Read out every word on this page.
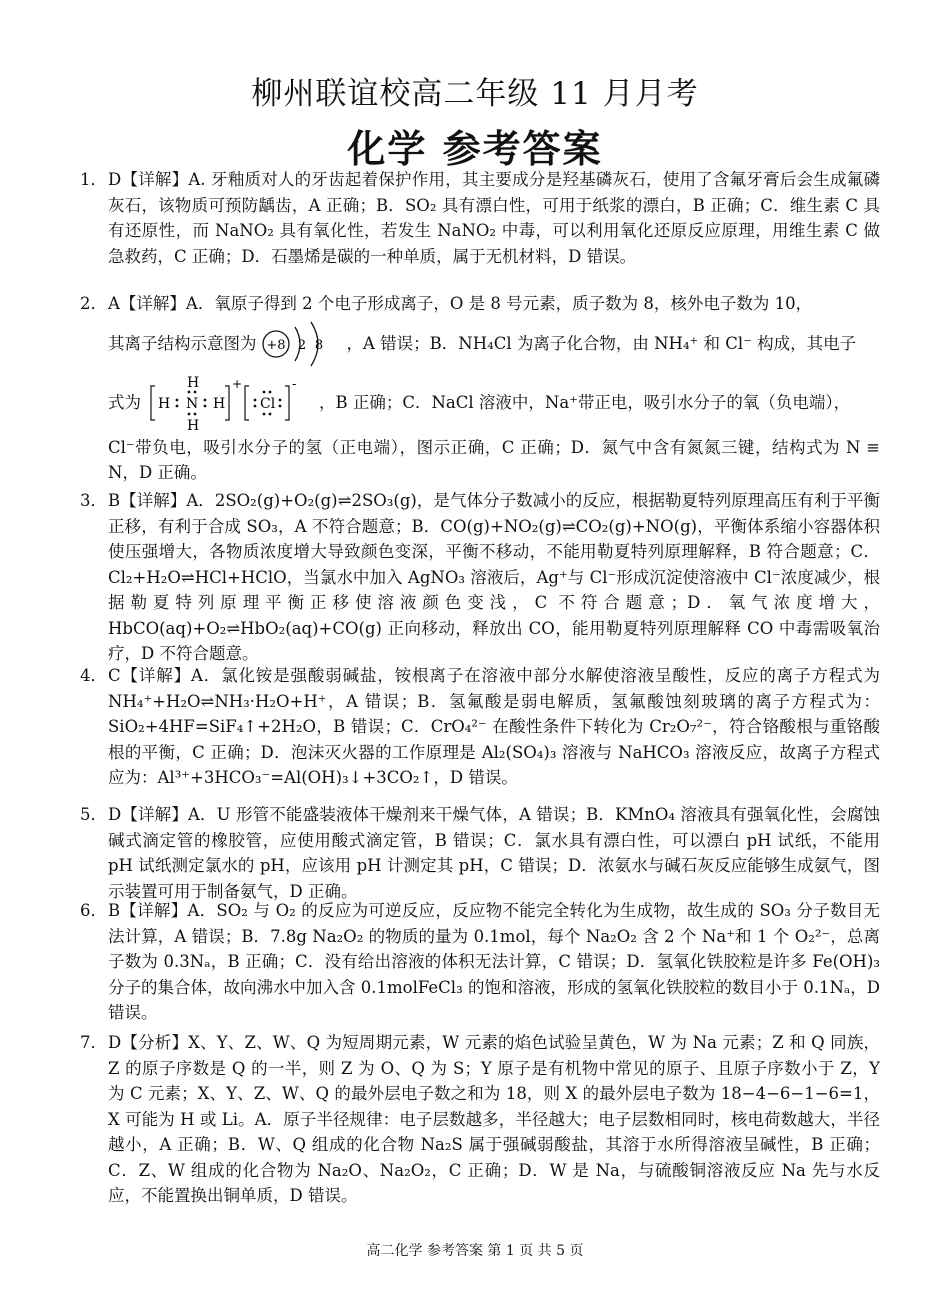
柳州联谊校高二年级 11 月月考
化学 参考答案
1． D【详解】A. 牙釉质对人的牙齿起着保护作用，其主要成分是羟基磷灰石，使用了含氟牙膏后会生成氟磷灰石，该物质可预防龋齿，A 正确；B．SO₂ 具有漂白性，可用于纸浆的漂白，B 正确；C．维生素 C 具有还原性，而 NaNO₂ 具有氧化性，若发生 NaNO₂ 中毒，可以利用氧化还原反应原理，用维生素 C 做急救药，C 正确；D．石墨烯是碳的一种单质，属于无机材料，D 错误。

2． A【详解】A．氧原子得到 2 个电子形成离子，O 是 8 号元素，质子数为 8，核外电子数为 10，

其离子结构示意图为 +8 2 8 ，A 错误；B．NH₄Cl 为离子化合物，由 NH₄⁺ 和 Cl⁻ 构成，其电子
式为 H N
H
H
H
+
Cl
-
，B 正确；C．NaCl 溶液中，Na⁺带正电，吸引水分子的氧（负电端），

Cl⁻带负电，吸引水分子的氢（正电端），图示正确，C 正确；D．氮气中含有氮氮三键，结构式为 N ≡ N，D 正确。

3． B【详解】A．2SO₂(g)+O₂(g)⇌2SO₃(g)，是气体分子数减小的反应，根据勒夏特列原理高压有利于平衡正移，有利于合成 SO₃，A 不符合题意；B．CO(g)+NO₂(g)⇌CO₂(g)+NO(g)，平衡体系缩小容器体积使压强增大，各物质浓度增大导致颜色变深，平衡不移动，不能用勒夏特列原理解释，B 符合题意；C．Cl₂+H₂O⇌HCl+HClO，当氯水中加入 AgNO₃ 溶液后，Ag⁺与 Cl⁻形成沉淀使溶液中 Cl⁻浓度减少，根据勒夏特列原理平衡正移使溶液颜色变浅，C 不符合题意；D．氧气浓度增大，HbCO(aq)+O₂⇌HbO₂(aq)+CO(g) 正向移动，释放出 CO，能用勒夏特列原理解释 CO 中毒需吸氧治疗，D 不符合题意。

4． C【详解】A．氯化铵是强酸弱碱盐，铵根离子在溶液中部分水解使溶液呈酸性，反应的离子方程式为 NH₄⁺+H₂O⇌NH₃·H₂O+H⁺，A 错误；B．氢氟酸是弱电解质，氢氟酸蚀刻玻璃的离子方程式为：SiO₂+4HF=SiF₄↑+2H₂O，B 错误；C．CrO₄²⁻ 在酸性条件下转化为 Cr₂O₇²⁻，符合铬酸根与重铬酸根的平衡，C 正确；D．泡沫灭火器的工作原理是 Al₂(SO₄)₃ 溶液与 NaHCO₃ 溶液反应，故离子方程式应为：Al³⁺+3HCO₃⁻=Al(OH)₃↓+3CO₂↑，D 错误。

5． D【详解】A．U 形管不能盛装液体干燥剂来干燥气体，A 错误；B．KMnO₄ 溶液具有强氧化性，会腐蚀碱式滴定管的橡胶管，应使用酸式滴定管，B 错误；C．氯水具有漂白性，可以漂白 pH 试纸，不能用 pH 试纸测定氯水的 pH，应该用 pH 计测定其 pH，C 错误；D．浓氨水与碱石灰反应能够生成氨气，图示装置可用于制备氨气，D 正确。

6． B【详解】A．SO₂ 与 O₂ 的反应为可逆反应，反应物不能完全转化为生成物，故生成的 SO₃ 分子数目无法计算，A 错误；B．7.8g Na₂O₂ 的物质的量为 0.1mol，每个 Na₂O₂ 含 2 个 Na⁺和 1 个 O₂²⁻，总离子数为 0.3Nₐ，B 正确；C．没有给出溶液的体积无法计算，C 错误；D．氢氧化铁胶粒是许多 Fe(OH)₃ 分子的集合体，故向沸水中加入含 0.1molFeCl₃ 的饱和溶液，形成的氢氧化铁胶粒的数目小于 0.1Nₐ，D 错误。

7． D【分析】X、Y、Z、W、Q 为短周期元素，W 元素的焰色试验呈黄色，W 为 Na 元素；Z 和 Q 同族，Z 的原子序数是 Q 的一半，则 Z 为 O、Q 为 S；Y 原子是有机物中常见的原子、且原子序数小于 Z，Y 为 C 元素；X、Y、Z、W、Q 的最外层电子数之和为 18，则 X 的最外层电子数为 18−4−6−1−6=1，X 可能为 H 或 Li。A．原子半径规律：电子层数越多，半径越大；电子层数相同时，核电荷数越大，半径越小，A 正确；B．W、Q 组成的化合物 Na₂S 属于强碱弱酸盐，其溶于水所得溶液呈碱性，B 正确；C．Z、W 组成的化合物为 Na₂O、Na₂O₂，C 正确；D．W 是 Na，与硫酸铜溶液反应 Na 先与水反应，不能置换出铜单质，D 错误。

高二化学 参考答案 第 1 页 共 5 页
